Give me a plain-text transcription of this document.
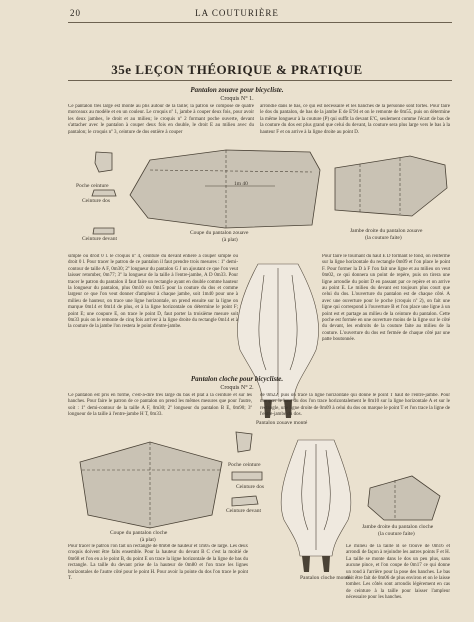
20	LA COUTURIÈRE
35e LEÇON THÉORIQUE & PRATIQUE
Pantalon zouave pour bicycliste.
Croquis N° 1.
Ce pantalon très large est monté au plis autour de la taille; la patron se compose de quatre morceaux au modèle et en un couleur. Le croquis nº 1, jambe à couper deux fois, pour avoir les deux jambes, le droit et au milieu; le croquis nº 2 formant poche ouverte, devant s'attacher avec le pantalon à couper deux fois en double, le droit E au milieu avec du pantalon; le croquis nº 3, ceinture de dos entière à couper
arrondie dans le bas, ce qui est nécessaire et les hanches de la personne sont fortes. Pour faire le dos du pantalon, de bas de la jambe E de E'94 et on le remonte de 0m55, puis on détermine la même longueur à la couture (P) qui suffit la devant E'C, seulement comme l'écart de bas de la couture du dos est plus grand que celui du devant, la couture sera plus large vers le bas à la hauteur F et on arrive à la ligne droite au point D.
Poche ceinture
Ceinture dos
Ceinture devant
1m 40
Coupe du pantalon zouave
(à plat)
Jambe droite du pantalon zouave
(la couture faite)
simple ou droit 0 l. le croquis nº 4, ceinture du devant entière à couper simple ou droit 0 l. Pour tracer le patron de ce pantalon il faut prendre trois mesures : 1º demi-contour de taille A F, 0m30; 2º longueur du pantalon G J un ajoutant ce que l'on veut laisser retomber, 0m77; 3º la longueur de la taille à l'entre-jambe, A D 0m33. Pour tracer le patron du pantalon il faut faire un rectangle ayant en double comme hauteur la longueur du pantalon, plus 0m10 ou 0m15 pour la couture du dos et comme largeur ce que l'on veut donner d'ampleur à chaque jambe, soit 1m40 pour une à milieu de hauteur, on trace une ligne horizontale, on prend ensuite sur la ligne on marque 0m14 et 0m14 de plus, et à la ligne horizontale on détermine le point F; point E; une coupure E, on trace le point D, faut porter la troisième mesure soit 0m33 puis on le remonte de cinq fois arriver à la ligne droite du rectangle 0m14 et à la couture de la jambe l'on restera le point d'entre-jambe.
Pour faire le tournant du haut E D formant le fond, on renferme sur la ligne horizontale du rectangle 0m09 et l'on place le point F. Pour former la D à F l'on fait une ligne et au milieu on veut 0m02, ce qui donnera un point de repère, puis on tirera une ligne arrondie du point D en passant par ce repère et on arrive au point E. Le milieu du devant est toujours plus court que celui du dos. L'ouverture du pantalon est de chaque côté. A avec une ouverture pour le poche (croquis nº 2), on fait une ligne qui correspond à l'ouverture B et l'on place une ligne à un point est et partage au milieu de la ceinture du pantalon. Cette poche est formée en une ouverture moins de la ligne sur le côté du devant, les endroits de la couture faite au milieu de la couture. L'ouverture du dos est fermée de chaque côté par une patte boutonnée.
Pantalon zouave monté
Pantalon cloche pour bicycliste.
Croquis N° 2.
Ce pantalon est pris en forme, c'est-à-dire très large du bas et plat à la ceinture et sur les hanches. Pour faire le patron de ce pantalon on prend les mêmes mesures que pour l'autre, soit : 1º demi-contour de la taille A F, 0m30; 2º longueur du pantalon B E, 0m90; 3º longueur de la taille à l'entre-jambe H T, 0m33.
de 0m22, puis on trace la ligne horizontale qui donne le point T haut de l'entre-jambe. Pour marquer le haut du dos l'on trace horizontalement le 0m10 sur la ligne horizontale A et sur le rectangle, une ligne droite de 0m09 à celui du dos on marque le point T et l'on trace la ligne de l'entre-jambe du dos.
Coupe du pantalon cloche
(à plat)
Poche ceinture
Ceinture dos
Ceinture devant
Pantalon cloche monté
Jambe droite du pantalon cloche
(la couture faite)
Pour tracer le patron l'on fait un rectangle de 0m68 de hauteur et 1m05 de large. Les deux croquis doivent être faits ensemble. Pour la hauteur du devant B C c'est la moitié de 0m68 et l'on en a le point B, du point E on trace la ligne horizontale de la ligne de bas du rectangle. La taille du devant prise de la hauteur de 0m80 et l'on trace les lignes horizontales de l'autre côté pour le point H. Pour avoir la pointe du dos l'on trace le point T.
Le milieu de la taille B se trouve de 0m16 et arrondi de façon à rejoindre les autres points F et H. La taille se monte dans le dos un peu plus, sans aucune pince, et l'on coupe de 0m17 ce qui donne un rond à l'arrière pour la pose des hanches. Le bas doit être fait de 0m06 de plus environ et on le laisse tomber. Les côtés sont arrondis légèrement en cas de ceinture à la taille pour laisser l'ampleur nécessaire pour les hanches.
